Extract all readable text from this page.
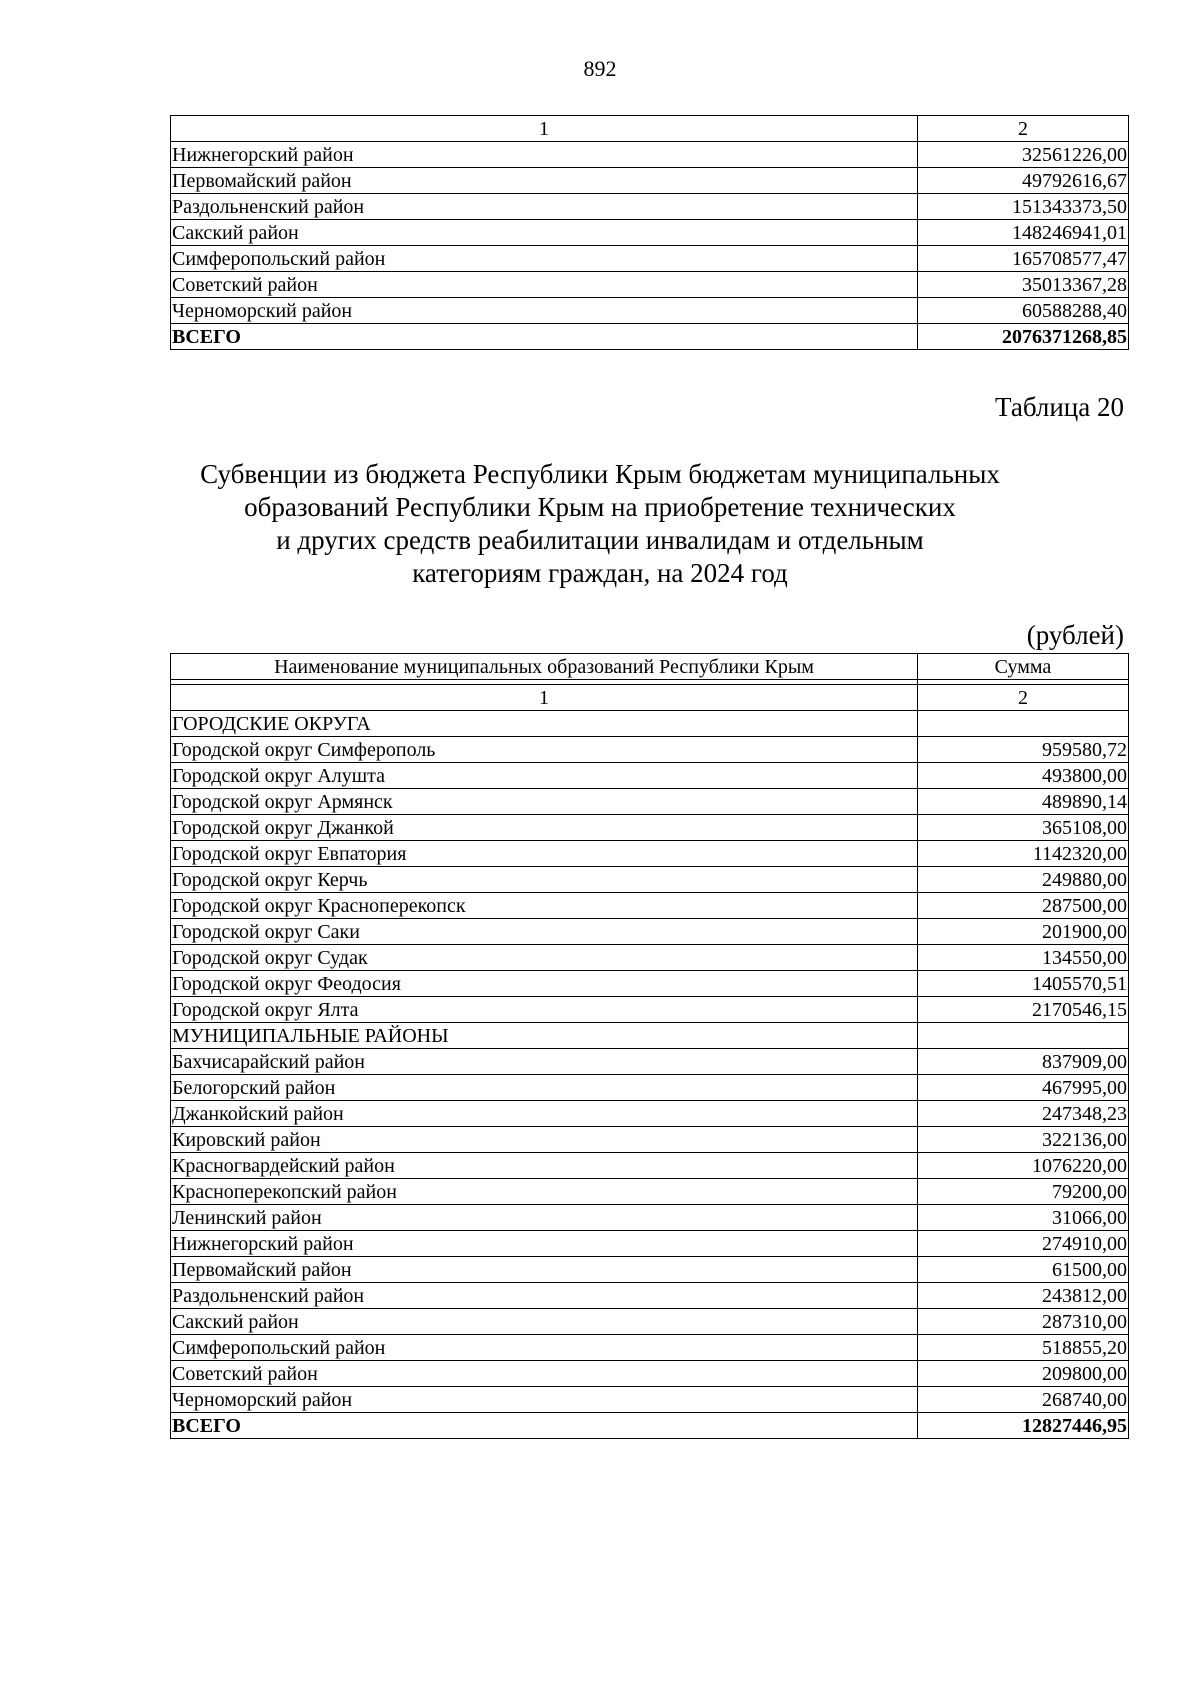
892
1	2
Нижнегорский район	32561226,00
Первомайский район	49792616,67
Раздольненский район	151343373,50
Сакский район	148246941,01
Симферопольский район	165708577,47
Советский район	35013367,28
Черноморский район	60588288,40
ВСЕГО	2076371268,85
Таблица 20
Субвенции из бюджета Республики Крым бюджетам муниципальных
образований Республики Крым на приобретение технических
и других средств реабилитации инвалидам и отдельным
категориям граждан, на 2024 год
(рублей)
Наименование муниципальных образований Республики Крым	Сумма

1	2
ГОРОДСКИЕ ОКРУГА	
Городской округ Симферополь	959580,72
Городской округ Алушта	493800,00
Городской округ Армянск	489890,14
Городской округ Джанкой	365108,00
Городской округ Евпатория	1142320,00
Городской округ Керчь	249880,00
Городской округ Красноперекопск	287500,00
Городской округ Саки	201900,00
Городской округ Судак	134550,00
Городской округ Феодосия	1405570,51
Городской округ Ялта	2170546,15
МУНИЦИПАЛЬНЫЕ РАЙОНЫ	
Бахчисарайский район	837909,00
Белогорский район	467995,00
Джанкойский район	247348,23
Кировский район	322136,00
Красногвардейский район	1076220,00
Красноперекопский район	79200,00
Ленинский район	31066,00
Нижнегорский район	274910,00
Первомайский район	61500,00
Раздольненский район	243812,00
Сакский район	287310,00
Симферопольский район	518855,20
Советский район	209800,00
Черноморский район	268740,00
ВСЕГО	12827446,95
